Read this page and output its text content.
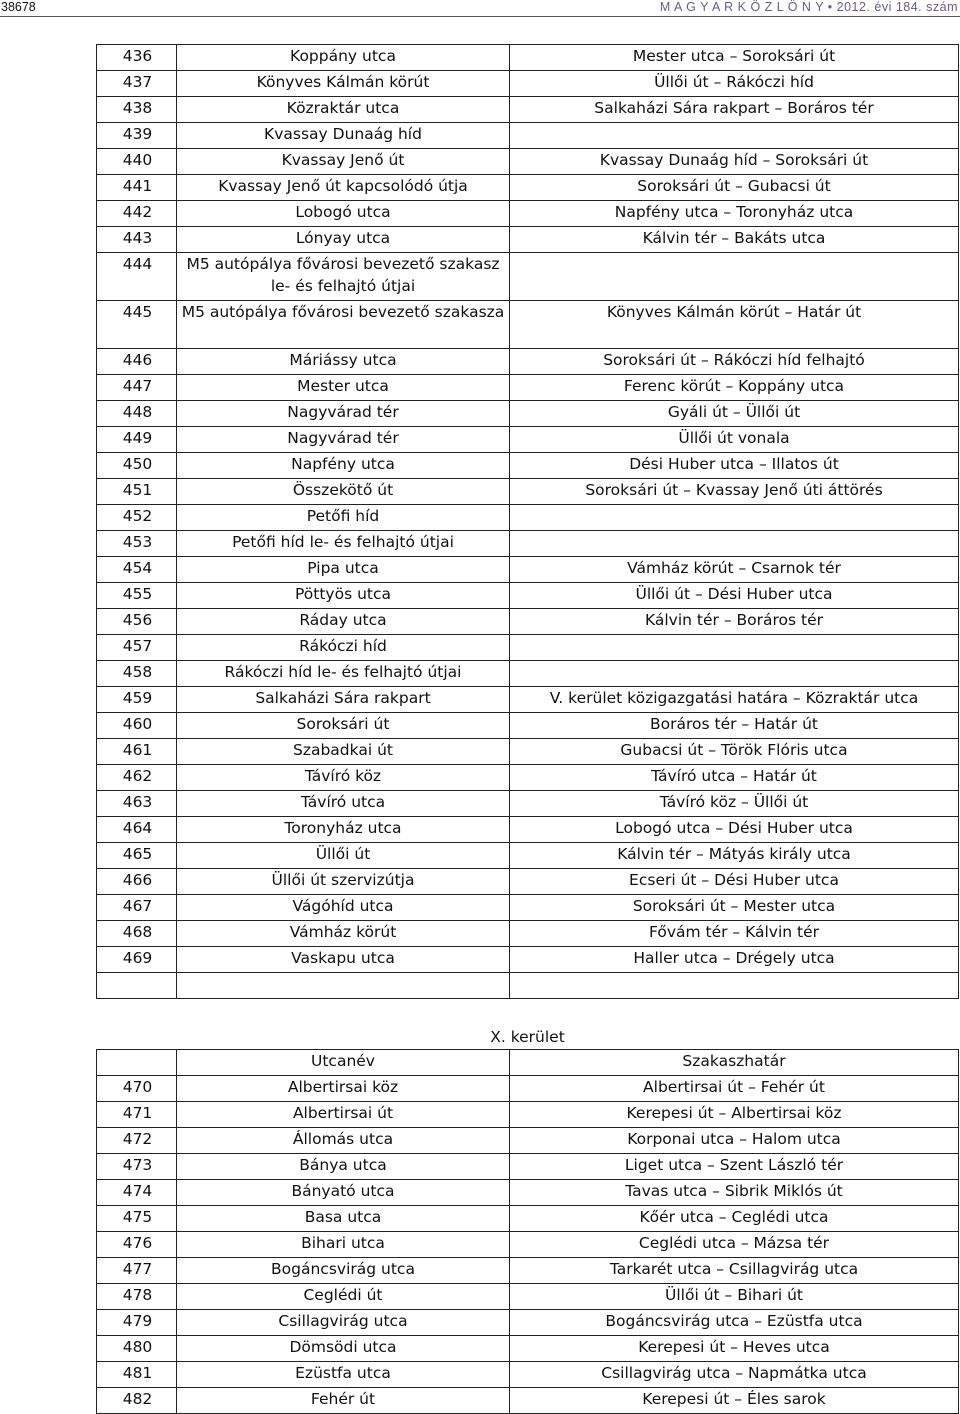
38678	M A G Y A R K Ö Z L Ö N Y • 2012. évi 184. szám
436	Koppány utca	Mester utca – Soroksári út
437	Könyves Kálmán körút	Üllői út – Rákóczi híd
438	Közraktár utca	Salkaházi Sára rakpart – Boráros tér
439	Kvassay Dunaág híd	
440	Kvassay Jenő út	Kvassay Dunaág híd – Soroksári út
441	Kvassay Jenő út kapcsolódó útja	Soroksári út – Gubacsi út
442	Lobogó utca	Napfény utca – Toronyház utca
443	Lónyay utca	Kálvin tér – Bakáts utca
444	M5 autópálya fővárosi bevezető szakasz le- és felhajtó útjai	
445	M5 autópálya fővárosi bevezető szakasza	Könyves Kálmán körút – Határ út
446	Máriássy utca	Soroksári út – Rákóczi híd felhajtó
447	Mester utca	Ferenc körút – Koppány utca
448	Nagyvárad tér	Gyáli út – Üllői út
449	Nagyvárad tér	Üllői út vonala
450	Napfény utca	Dési Huber utca – Illatos út
451	Összekötő út	Soroksári út – Kvassay Jenő úti áttörés
452	Petőfi híd	
453	Petőfi híd le- és felhajtó útjai	
454	Pipa utca	Vámház körút – Csarnok tér
455	Pöttyös utca	Üllői út – Dési Huber utca
456	Ráday utca	Kálvin tér – Boráros tér
457	Rákóczi híd	
458	Rákóczi híd le- és felhajtó útjai	
459	Salkaházi Sára rakpart	V. kerület közigazgatási határa – Közraktár utca
460	Soroksári út	Boráros tér – Határ út
461	Szabadkai út	Gubacsi út – Török Flóris utca
462	Távíró köz	Távíró utca – Határ út
463	Távíró utca	Távíró köz – Üllői út
464	Toronyház utca	Lobogó utca – Dési Huber utca
465	Üllői út	Kálvin tér – Mátyás király utca
466	Üllői út szervizútja	Ecseri út – Dési Huber utca
467	Vágóhíd utca	Soroksári út – Mester utca
468	Vámház körút	Fővám tér – Kálvin tér
469	Vaskapu utca	Haller utca – Drégely utca

X. kerület		
	Utcanév	Szakaszhatár
470	Albertirsai köz	Albertirsai út – Fehér út
471	Albertirsai út	Kerepesi út – Albertirsai köz
472	Állomás utca	Korponai utca – Halom utca
473	Bánya utca	Liget utca – Szent László tér
474	Bányató utca	Tavas utca – Sibrik Miklós út
475	Basa utca	Kőér utca – Ceglédi utca
476	Bihari utca	Ceglédi utca – Mázsa tér
477	Bogáncsvirág utca	Tarkarét utca – Csillagvirág utca
478	Ceglédi út	Üllői út – Bihari út
479	Csillagvirág utca	Bogáncsvirág utca – Ezüstfa utca
480	Dömsödi utca	Kerepesi út – Heves utca
481	Ezüstfa utca	Csillagvirág utca – Napmátka utca
482	Fehér út	Kerepesi út – Éles sarok
